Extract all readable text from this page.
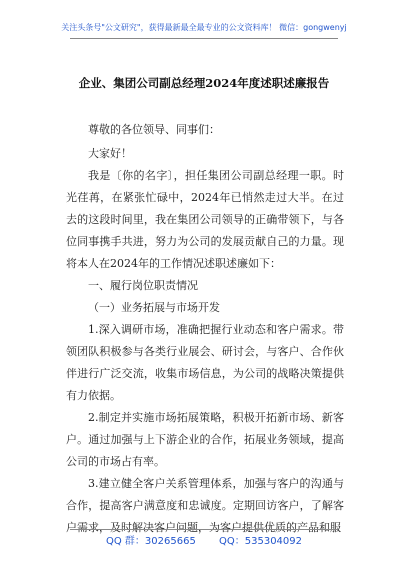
关注头条号"公文研究"，获得最新最全最专业的公文资料库！ 微信：gongwenyj
企业、集团公司副总经理2024年度述职述廉报告

尊敬的各位领导、同事们：

大家好！

我是〔你的名字〕，担任集团公司副总经理一职。时光荏苒，在紧张忙碌中，2024年已悄然走过大半。在过去的这段时间里，我在集团公司领导的正确带领下，与各位同事携手共进，努力为公司的发展贡献自己的力量。现将本人在2024年的工作情况述职述廉如下：

一、履行岗位职责情况

（一）业务拓展与市场开发

1.深入调研市场，准确把握行业动态和客户需求。带领团队积极参与各类行业展会、研讨会，与客户、合作伙伴进行广泛交流，收集市场信息，为公司的战略决策提供有力依据。

2.制定并实施市场拓展策略，积极开拓新市场、新客户。通过加强与上下游企业的合作，拓展业务领域，提高公司的市场占有率。

3.建立健全客户关系管理体系，加强与客户的沟通与合作，提高客户满意度和忠诚度。定期回访客户，了解客户需求，及时解决客户问题，为客户提供优质的产品和服

QQ 群：30265665 QQ：535304092
